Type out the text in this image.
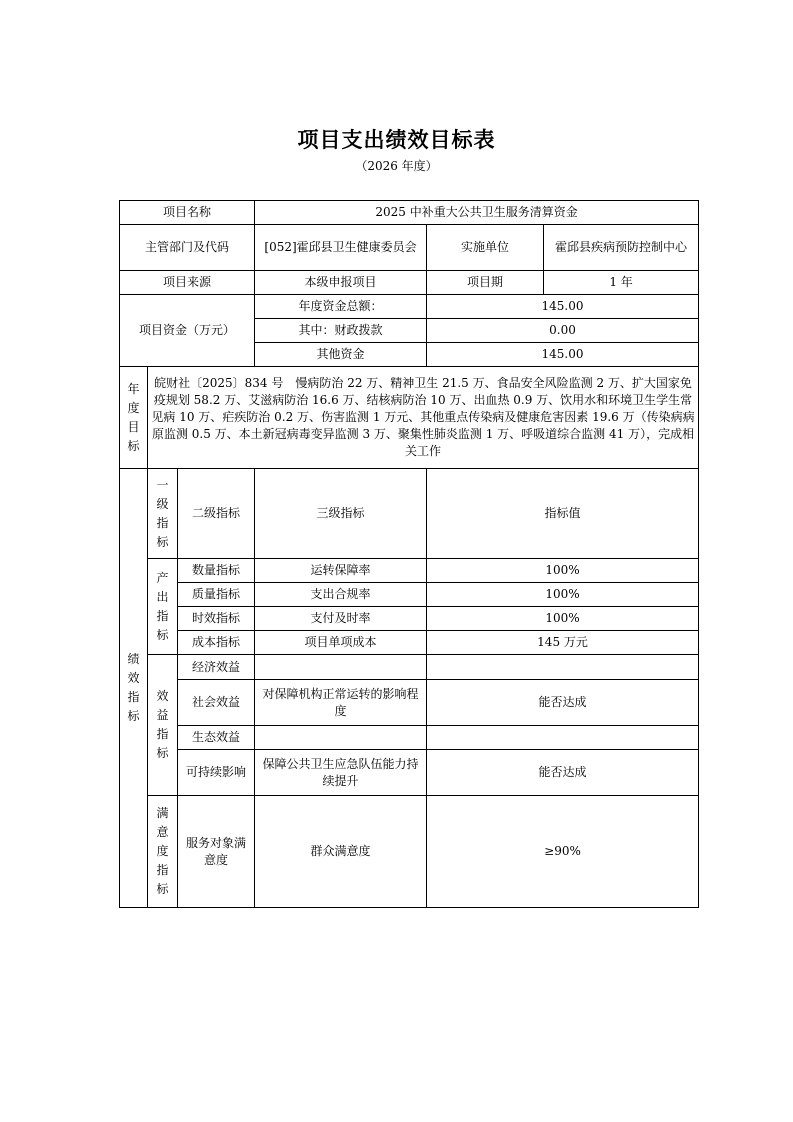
项目支出绩效目标表
（2026 年度）
项目名称			2025 中补重大公共卫生服务清算资金		
主管部门及代码			[052]霍邱县卫生健康委员会	实施单位	霍邱县疾病预防控制中心
项目来源			本级申报项目	项目期	1 年
项目资金（万元）			年度资金总额：	145.00	
			其中：财政拨款	0.00	
			其他资金	145.00	

年度目标	皖财社〔2025〕834 号　慢病防治 22 万、精神卫生 21.5 万、食品安全风险监测 2 万、扩大国家免疫规划 58.2 万、艾滋病防治 16.6 万、结核病防治 10 万、出血热 0.9 万、饮用水和环境卫生学生常见病 10 万、疟疾防治 0.2 万、伤害监测 1 万元、其他重点传染病及健康危害因素 19.6 万（传染病病原监测 0.5 万、本土新冠病毒变异监测 3 万、聚集性肺炎监测 1 万、呼吸道综合监测 41 万），完成相关工作				

绩效指标	一级指标	二级指标	三级指标	指标值	

	产出指标	数量指标	运转保障率	100%	
		质量指标	支出合规率	100%	
		时效指标	支付及时率	100%	
		成本指标	项目单项成本	145 万元	

	效益指标	经济效益			
		社会效益	对保障机构正常运转的影响程度	能否达成	
		生态效益			
		可持续影响	保障公共卫生应急队伍能力持续提升	能否达成	

	满意度指标	服务对象满意度	群众满意度	≥90%	
